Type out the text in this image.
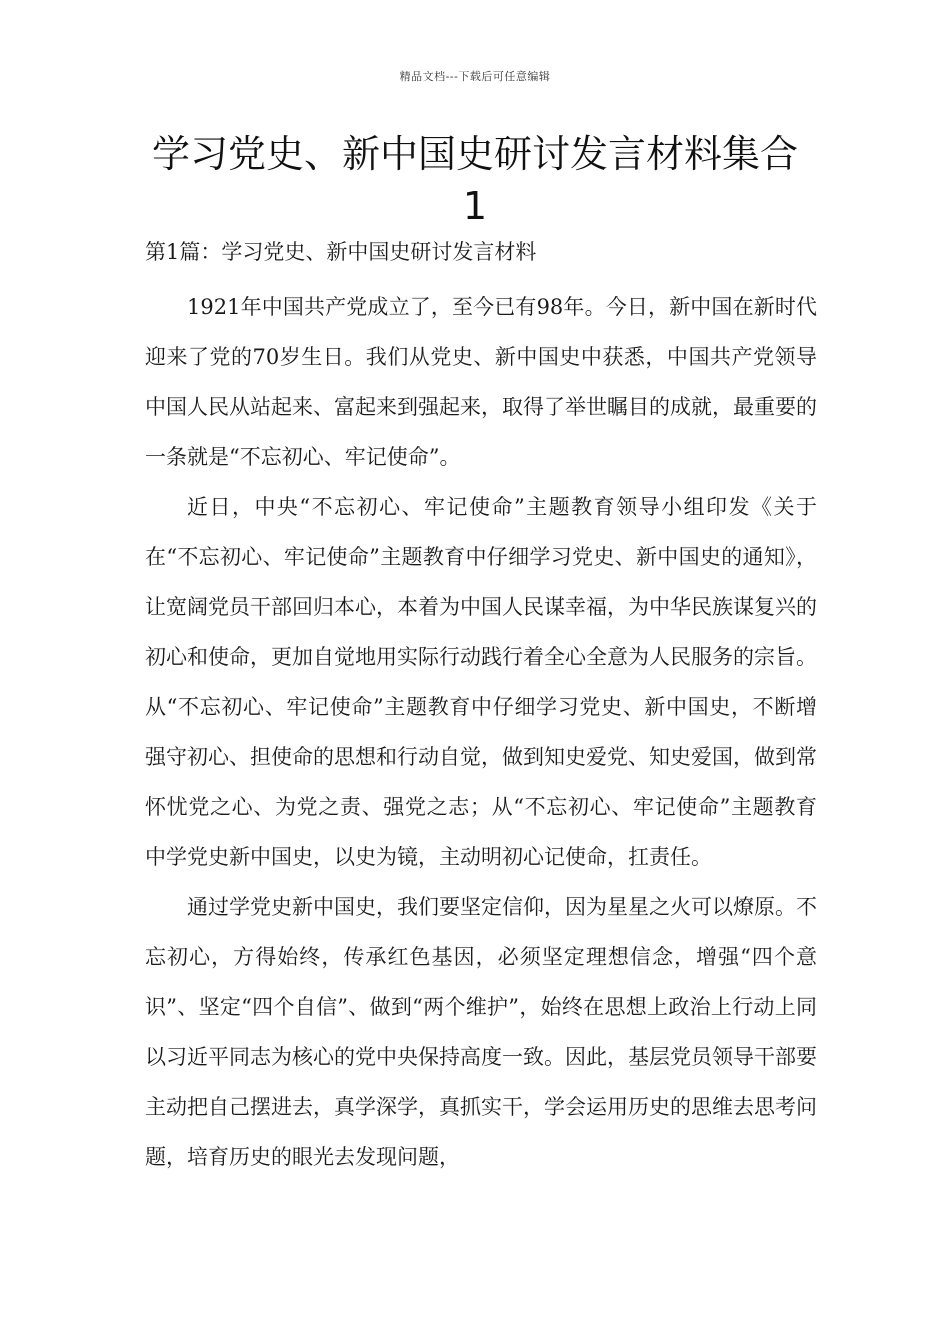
精品文档---下载后可任意编辑
学习党史、新中国史研讨发言材料集合1
第1篇：学习党史、新中国史研讨发言材料

1921年中国共产党成立了，至今已有98年。今日，新中国在新时代迎来了党的70岁生日。我们从党史、新中国史中获悉，中国共产党领导中国人民从站起来、富起来到强起来，取得了举世瞩目的成就，最重要的一条就是“不忘初心、牢记使命”。

近日，中央“不忘初心、牢记使命”主题教育领导小组印发《关于在“不忘初心、牢记使命”主题教育中仔细学习党史、新中国史的通知》，让宽阔党员干部回归本心，本着为中国人民谋幸福，为中华民族谋复兴的初心和使命，更加自觉地用实际行动践行着全心全意为人民服务的宗旨。从“不忘初心、牢记使命”主题教育中仔细学习党史、新中国史，不断增强守初心、担使命的思想和行动自觉，做到知史爱党、知史爱国，做到常怀忧党之心、为党之责、强党之志；从“不忘初心、牢记使命”主题教育中学党史新中国史，以史为镜，主动明初心记使命，扛责任。

通过学党史新中国史，我们要坚定信仰，因为星星之火可以燎原。不忘初心，方得始终，传承红色基因，必须坚定理想信念，增强“四个意识”、坚定“四个自信”、做到“两个维护”，始终在思想上政治上行动上同以习近平同志为核心的党中央保持高度一致。因此，基层党员领导干部要主动把自己摆进去，真学深学，真抓实干，学会运用历史的思维去思考问题，培育历史的眼光去发现问题，
